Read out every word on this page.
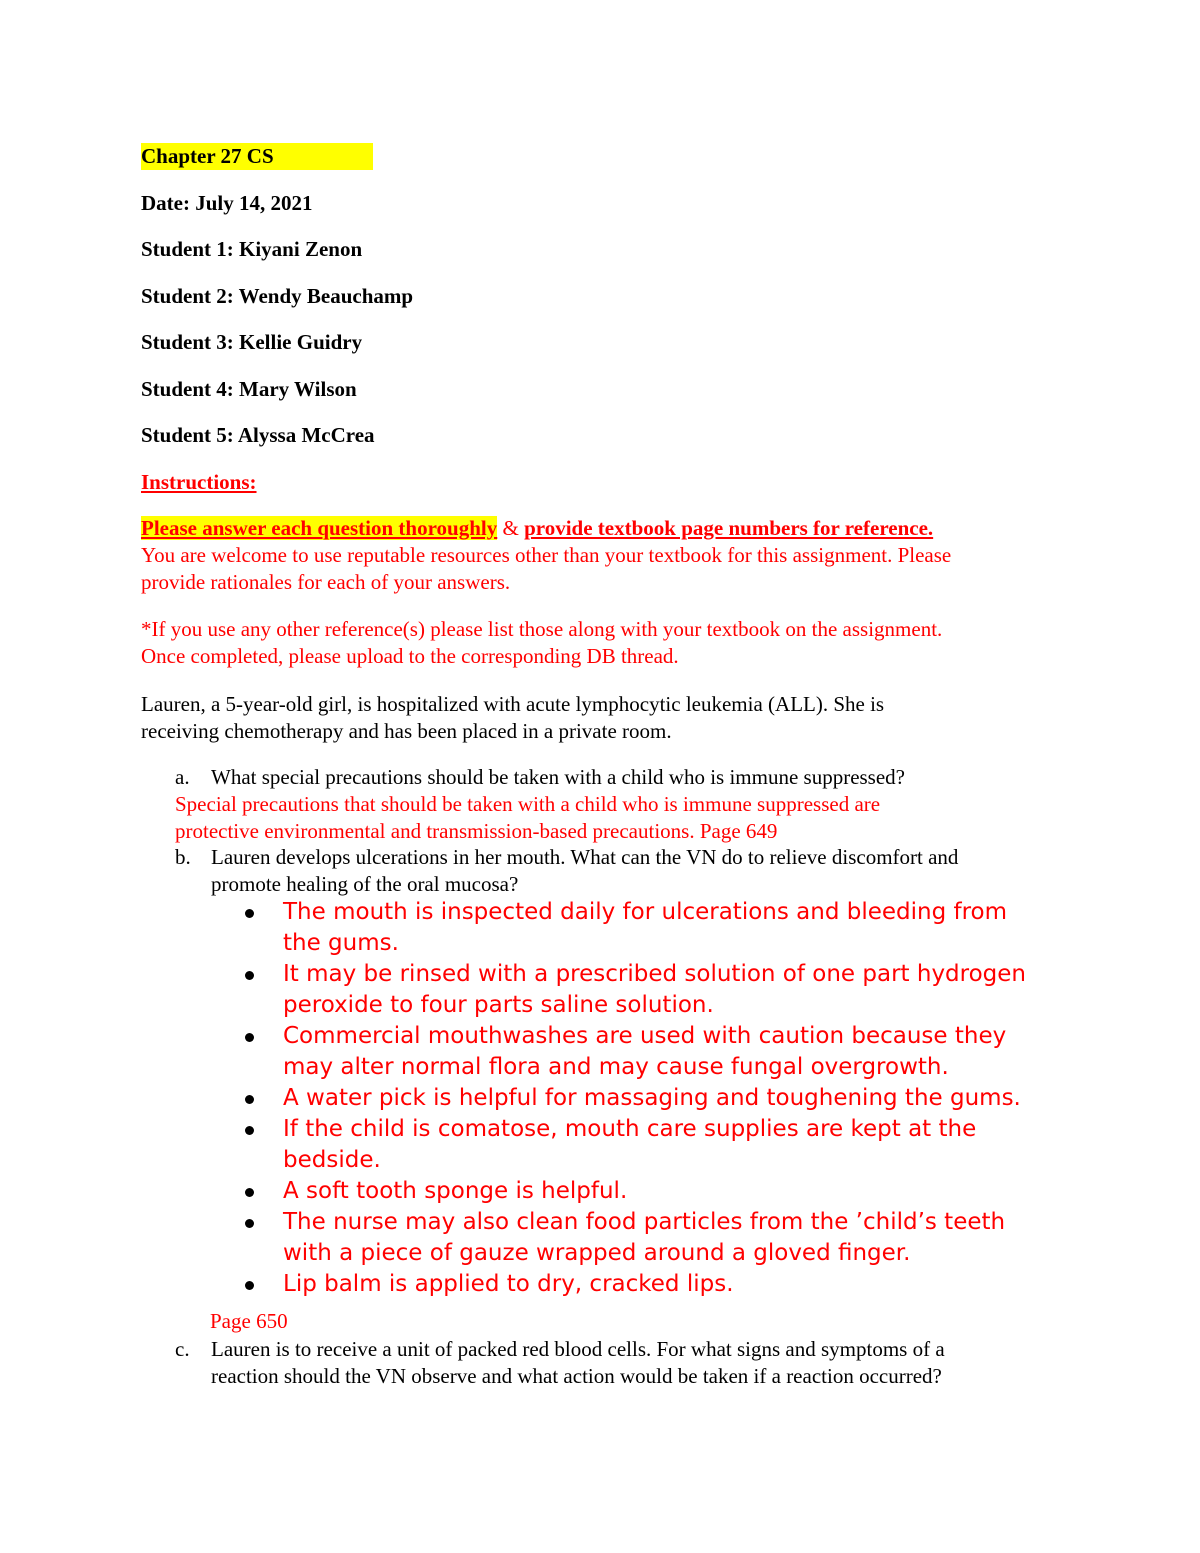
Chapter 27 CS

Date: July 14, 2021

Student 1: Kiyani Zenon

Student 2: Wendy Beauchamp

Student 3: Kellie Guidry

Student 4: Mary Wilson

Student 5: Alyssa McCrea

Instructions:

Please answer each question thoroughly & provide textbook page numbers for reference.

You are welcome to use reputable resources other than your textbook for this assignment. Please

provide rationales for each of your answers.

*If you use any other reference(s) please list those along with your textbook on the assignment.

Once completed, please upload to the corresponding DB thread.

Lauren, a 5-year-old girl, is hospitalized with acute lymphocytic leukemia (ALL). She is

receiving chemotherapy and has been placed in a private room.

a. What special precautions should be taken with a child who is immune suppressed?

Special precautions that should be taken with a child who is immune suppressed are

protective environmental and transmission-based precautions. Page 649

b. Lauren develops ulcerations in her mouth. What can the VN do to relieve discomfort and

promote healing of the oral mucosa?

The mouth is inspected daily for ulcerations and bleeding from
the gums.
It may be rinsed with a prescribed solution of one part hydrogen
peroxide to four parts saline solution.
Commercial mouthwashes are used with caution because they
may alter normal flora and may cause fungal overgrowth.
A water pick is helpful for massaging and toughening the gums.
If the child is comatose, mouth care supplies are kept at the
bedside.
A soft tooth sponge is helpful.
The nurse may also clean food particles from the ’child’s teeth
with a piece of gauze wrapped around a gloved finger.
Lip balm is applied to dry, cracked lips.

Page 650

c. Lauren is to receive a unit of packed red blood cells. For what signs and symptoms of a

reaction should the VN observe and what action would be taken if a reaction occurred?
